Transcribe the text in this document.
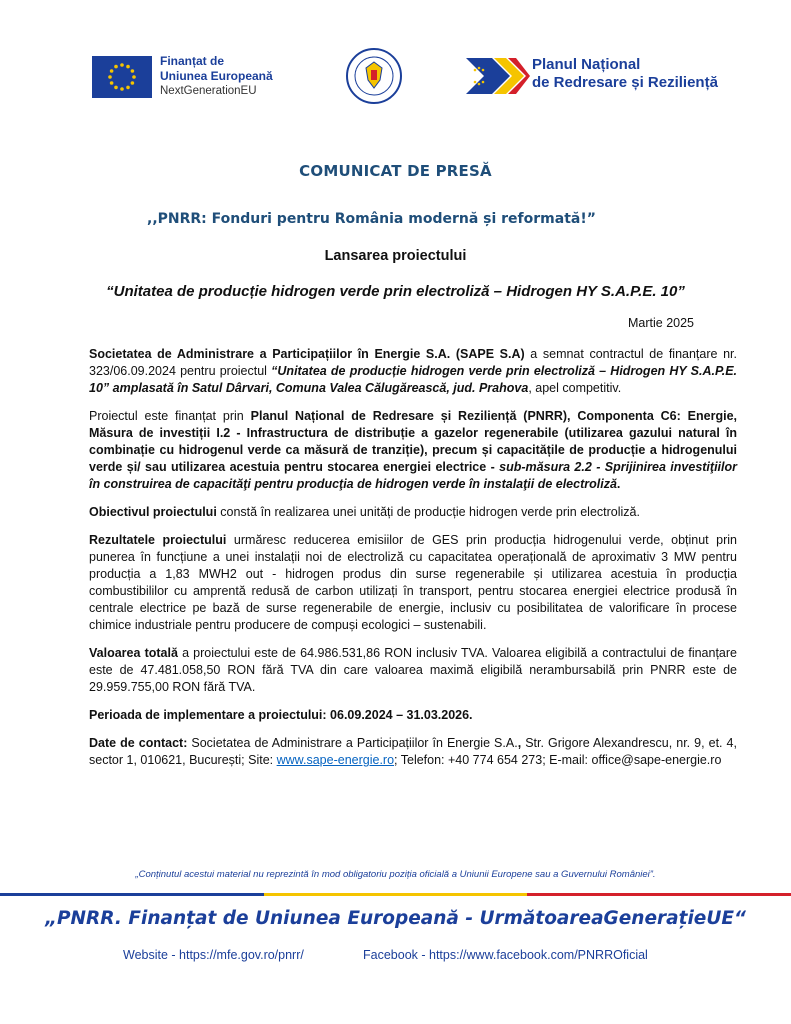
Finanțat de
Uniunea Europeană
NextGenerationEU
Planul Național
de Redresare și Reziliență
COMUNICAT DE PRESĂ
,,PNRR: Fonduri pentru România modernă și reformată!”
Lansarea proiectului
“Unitatea de producție hidrogen verde prin electroliză – Hidrogen HY S.A.P.E. 10”
Martie 2025

Societatea de Administrare a Participațiilor în Energie S.A. (SAPE S.A) a semnat contractul de finanțare nr. 323/06.09.2024 pentru proiectul “Unitatea de producție hidrogen verde prin electroliză – Hidrogen HY S.A.P.E. 10” amplasată în Satul Dârvari, Comuna Valea Călugărească, jud. Prahova, apel competitiv.

Proiectul este finanțat prin Planul Național de Redresare și Reziliență (PNRR), Componenta C6: Energie, Măsura de investiții I.2 - Infrastructura de distribuție a gazelor regenerabile (utilizarea gazului natural în combinație cu hidrogenul verde ca măsură de tranziție), precum și capacitățile de producție a hidrogenului verde și/ sau utilizarea acestuia pentru stocarea energiei electrice - sub-măsura 2.2 - Sprijinirea investiţiilor în construirea de capacităţi pentru producţia de hidrogen verde în instalaţii de electroliză.

Obiectivul proiectului constă în realizarea unei unități de producție hidrogen verde prin electroliză.

Rezultatele proiectului urmăresc reducerea emisiilor de GES prin producția hidrogenului verde, obținut prin punerea în funcțiune a unei instalații noi de electroliză cu capacitatea operațională de aproximativ 3 MW pentru producția a 1,83 MWH2 out - hidrogen produs din surse regenerabile și utilizarea acestuia în producția combustibililor cu amprentă redusă de carbon utilizați în transport, pentru stocarea energiei electrice produsă în centrale electrice pe bază de surse regenerabile de energie, inclusiv cu posibilitatea de valorificare în procese chimice industriale pentru producere de compuși ecologici – sustenabili.

Valoarea totală a proiectului este de 64.986.531,86 RON inclusiv TVA. Valoarea eligibilă a contractului de finanțare este de 47.481.058,50 RON fără TVA din care valoarea maximă eligibilă nerambursabilă prin PNRR este de 29.959.755,00 RON fără TVA.

Perioada de implementare a proiectului: 06.09.2024 – 31.03.2026.

Date de contact: Societatea de Administrare a Participațiilor în Energie S.A., Str. Grigore Alexandrescu, nr. 9, et. 4, sector 1, 010621, București; Site: www.sape-energie.ro; Telefon: +40 774 654 273; E-mail: office@sape-energie.ro

„Conținutul acestui material nu reprezintă în mod obligatoriu poziția oficială a Uniunii Europene sau a Guvernului României”.
„PNRR. Finanțat de Uniunea Europeană - UrmătoareaGenerațieUE“
Website - https://mfe.gov.ro/pnrr/	Facebook - https://www.facebook.com/PNRROficial
